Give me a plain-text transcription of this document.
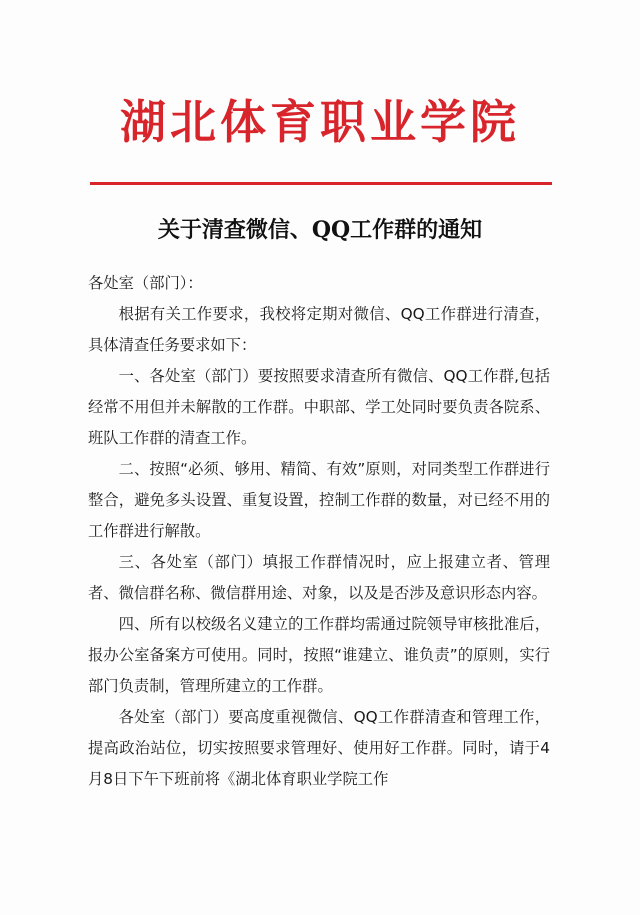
湖北体育职业学院
关于清查微信、QQ工作群的通知

各处室（部门）：

根据有关工作要求，我校将定期对微信、QQ工作群进行清查，具体清查任务要求如下：

一、各处室（部门）要按照要求清查所有微信、QQ工作群,包括经常不用但并未解散的工作群。中职部、学工处同时要负责各院系、班队工作群的清查工作。

二、按照“必须、够用、精简、有效”原则，对同类型工作群进行整合，避免多头设置、重复设置，控制工作群的数量，对已经不用的工作群进行解散。

三、各处室（部门）填报工作群情况时，应上报建立者、管理者、微信群名称、微信群用途、对象，以及是否涉及意识形态内容。

四、所有以校级名义建立的工作群均需通过院领导审核批准后，报办公室备案方可使用。同时，按照“谁建立、谁负责”的原则，实行部门负责制，管理所建立的工作群。

各处室（部门）要高度重视微信、QQ工作群清查和管理工作，提高政治站位，切实按照要求管理好、使用好工作群。同时，请于4月8日下午下班前将《湖北体育职业学院工作
